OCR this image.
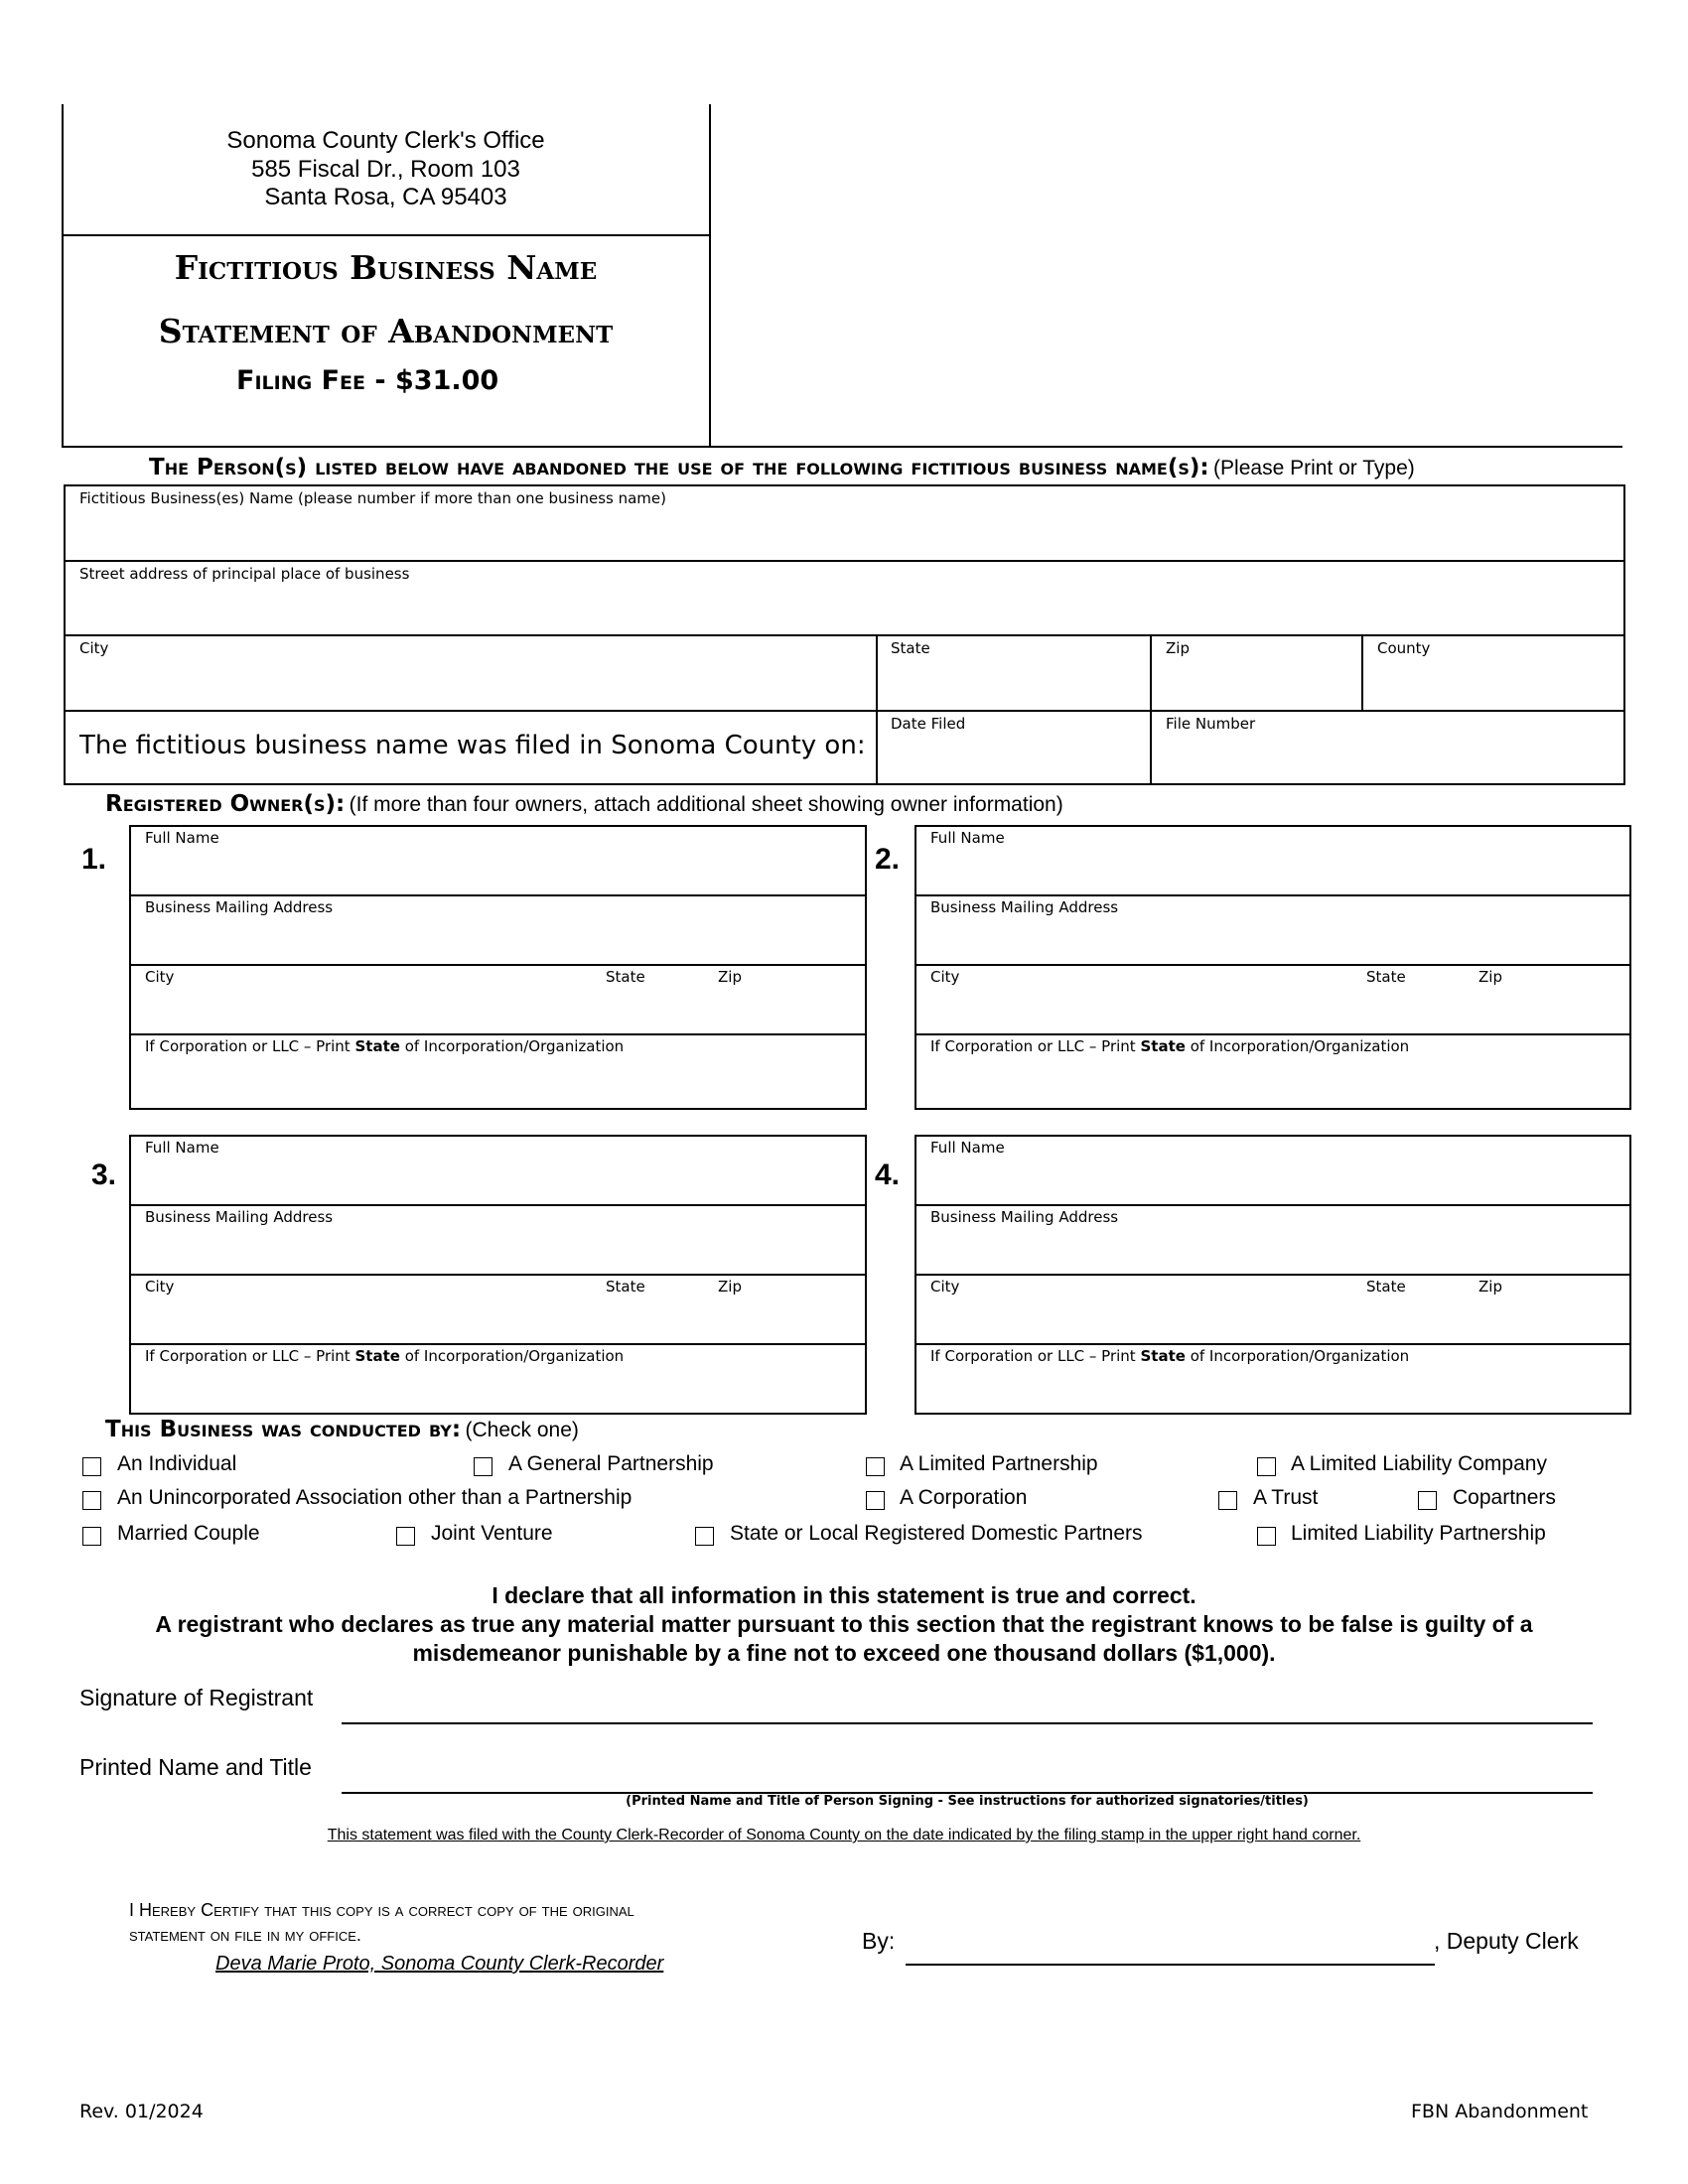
Sonoma County Clerk's Office
585 Fiscal Dr., Room 103
Santa Rosa, CA 95403
Fictitious Business Name
Statement of Abandonment
Filing Fee - $31.00
The Person(s) listed below have abandoned the use of the following fictitious business name(s): (Please Print or Type)
Fictitious Business(es) Name (please number if more than one business name)
Street address of principal place of business
City	State	Zip	County
The fictitious business name was filed in Sonoma County on:
Date Filed	File Number
Registered Owner(s): (If more than four owners, attach additional sheet showing owner information)
1.	2.
3.	4.
Full Name
Business Mailing Address
City	State	Zip
If Corporation or LLC – Print State of Incorporation/Organization
Full Name
Business Mailing Address
City	State	Zip
If Corporation or LLC – Print State of Incorporation/Organization
Full Name
Business Mailing Address
City	State	Zip
If Corporation or LLC – Print State of Incorporation/Organization
Full Name
Business Mailing Address
City	State	Zip
If Corporation or LLC – Print State of Incorporation/Organization
This Business was conducted by: (Check one)
An Individual	A General Partnership	A Limited Partnership	A Limited Liability Company
An Unincorporated Association other than a Partnership	A Corporation	A Trust	Copartners
Married Couple	Joint Venture	State or Local Registered Domestic Partners	Limited Liability Partnership
I declare that all information in this statement is true and correct.
A registrant who declares as true any material matter pursuant to this section that the registrant knows to be false is guilty of a
misdemeanor punishable by a fine not to exceed one thousand dollars ($1,000).
Signature of Registrant
Printed Name and Title
(Printed Name and Title of Person Signing - See instructions for authorized signatories/titles)
This statement was filed with the County Clerk-Recorder of Sonoma County on the date indicated by the filing stamp in the upper right hand corner.
I Hereby Certify that this copy is a correct copy of the original
statement on file in my office.
Deva Marie Proto, Sonoma County Clerk-Recorder
By:	, Deputy Clerk
Rev. 01/2024	FBN Abandonment
